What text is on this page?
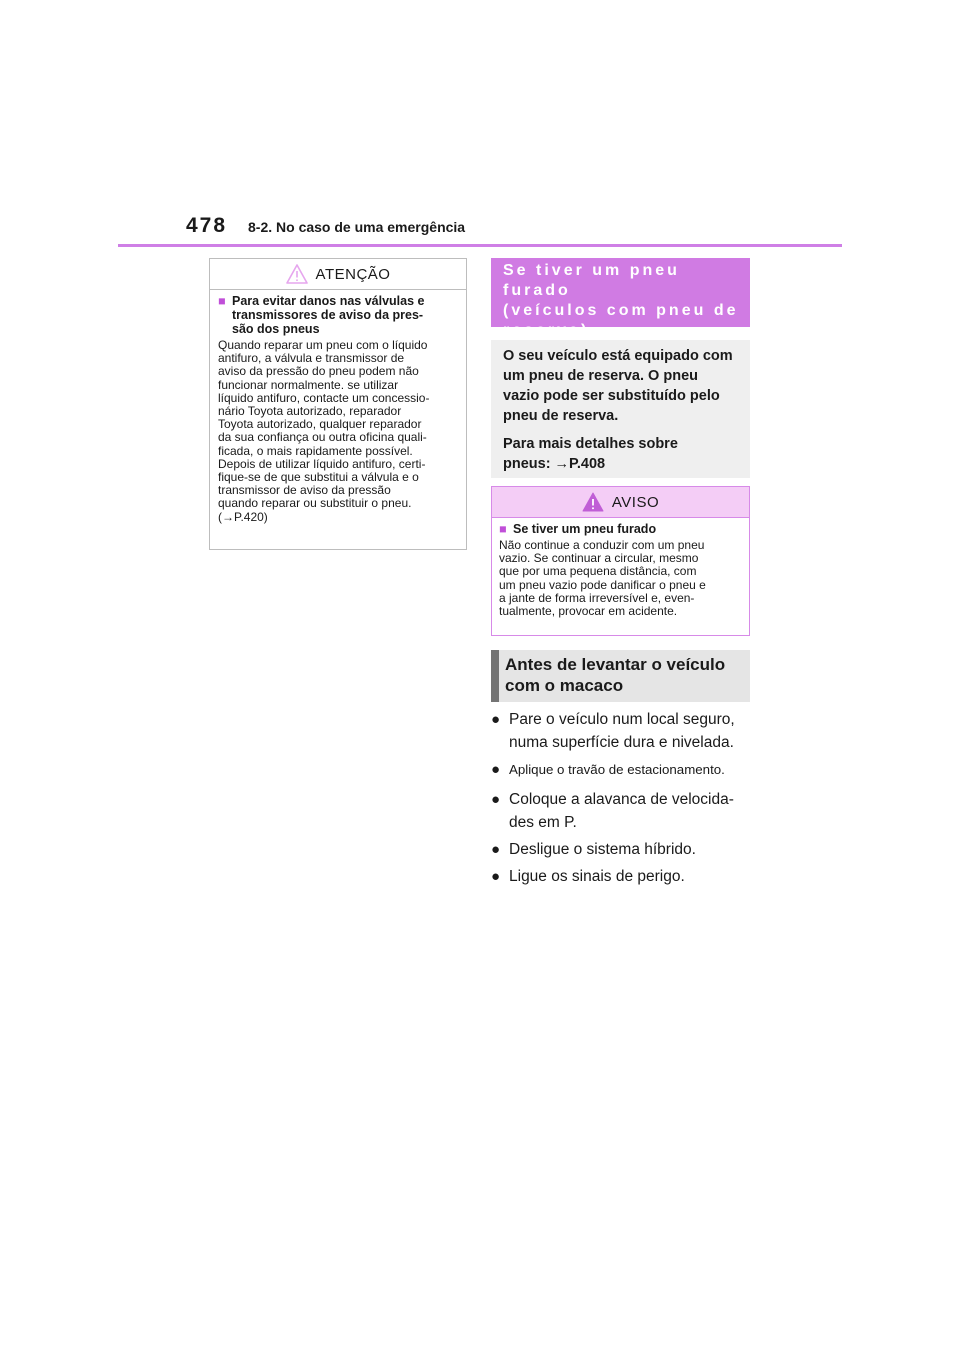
478 8-2. No caso de uma emergência
ATENÇÃO
■ Para evitar danos nas válvulas e
transmissores de aviso da pres-
são dos pneus
Quando reparar um pneu com o líquido
antifuro, a válvula e transmissor de
aviso da pressão do pneu podem não
funcionar normalmente. se utilizar
líquido antifuro, contacte um concessio-
nário Toyota autorizado, reparador
Toyota autorizado, qualquer reparador
da sua confiança ou outra oficina quali-
ficada, o mais rapidamente possível.
Depois de utilizar líquido antifuro, certi-
fique-se de que substitui a válvula e o
transmissor de aviso da pressão
quando reparar ou substituir o pneu.
(→P.420)
Se tiver um pneu furado
(veículos com pneu de
reserva)

O seu veículo está equipado com
um pneu de reserva. O pneu
vazio pode ser substituído pelo
pneu de reserva.

Para mais detalhes sobre
pneus: →P.408

AVISO
■ Se tiver um pneu furado
Não continue a conduzir com um pneu
vazio. Se continuar a circular, mesmo
que por uma pequena distância, com
um pneu vazio pode danificar o pneu e
a jante de forma irreversível e, even-
tualmente, provocar em acidente.
Antes de levantar o veículo
com o macaco
● Pare o veículo num local seguro,
numa superfície dura e nivelada.
● Aplique o travão de estacionamento.
● Coloque a alavanca de velocida-
des em P.
● Desligue o sistema híbrido.
● Ligue os sinais de perigo.
